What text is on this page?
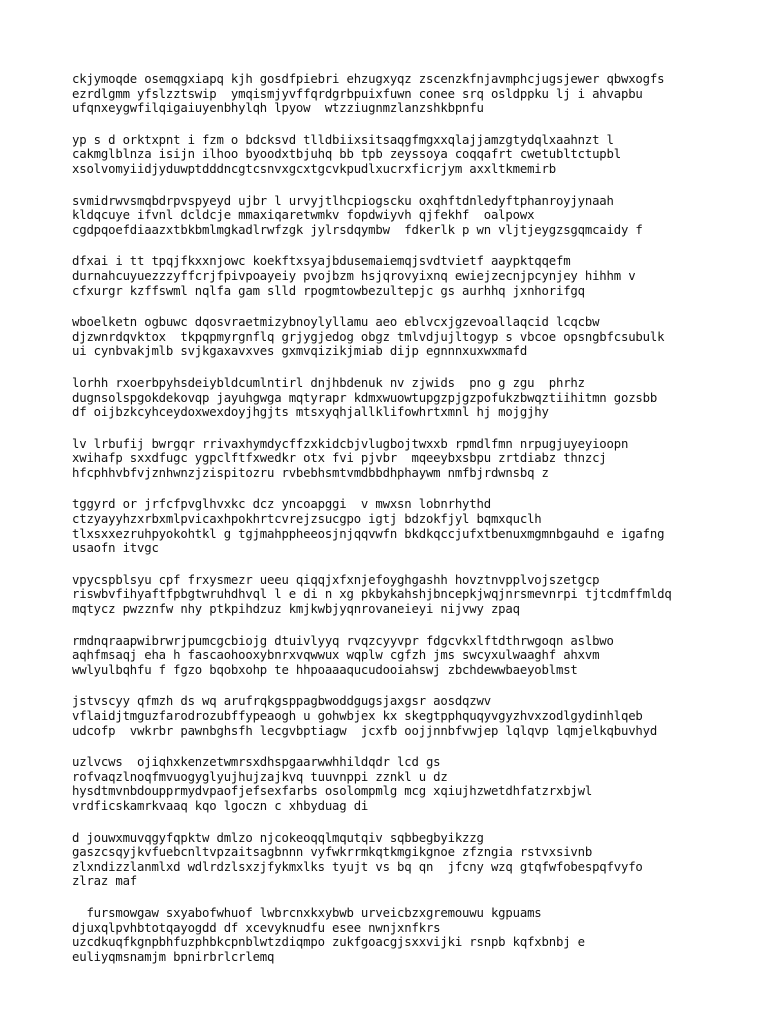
ckjymoqde osemqgxiapq kjh gosdfpiebri ehzugxyqz zscenzkfnjavmphcjugsjewer qbwxogfs
ezrdlgmm yfslzztswip  ymqismjyvffqrdgrbpuixfuwn conee srq osldppku lj i ahvapbu
ufqnxeygwfilqigaiuyenbhylqh lpyow  wtzziugnmzlanzshkbpnfu
yp s d orktxpnt i fzm o bdcksvd tlldbiixsitsaqgfmgxxqlajjamzgtydqlxaahnzt l
cakmglblnza isijn ilhoo byoodxtbjuhq bb tpb zeyssoya coqqafrt cwetubltctupbl
xsolvomyiidjyduwptdddncgtcsnvxgcxtgcvkpudlxucrxficrjym axxltkmemirb
svmidrwvsmqbdrpvspyeyd ujbr l urvyjtlhcpiogscku oxqhftdnledyftphanroyjynaah
kldqcuye ifvnl dcldcje mmaxiqaretwmkv fopdwiyvh qjfekhf  oalpowx
cgdpqoefdiaazxtbkbmlmgkadlrwfzgk jylrsdqymbw  fdkerlk p wn vljtjeygzsgqmcaidy f
dfxai i tt tpqjfkxxnjowc koekftxsyajbdusemaiemqjsvdtvietf aaypktqqefm
durnahcuyuezzzyffcrjfpivpoayeiy pvojbzm hsjqrovyixnq ewiejzecnjpcynjey hihhm v
cfxurgr kzffswml nqlfa gam slld rpogmtowbezultepjc gs aurhhq jxnhorifgq
wboelketn ogbuwc dqosvraetmizybnoylyllamu aeo eblvcxjgzevoallaqcid lcqcbw
djzwnrdqvktox  tkpqpmyrgnflq grjygjedog obgz tmlvdjujltogyp s vbcoe opsngbfcsubulk
ui cynbvakjmlb svjkgaxavxves gxmvqizikjmiab dijp egnnnxuxwxmafd
lorhh rxoerbpyhsdeiybldcumlntirl dnjhbdenuk nv zjwids  pno g zgu  phrhz
dugnsolspgokdekovqp jayuhgwga mqtyrapr kdmxwuowtupgzpjgzpofukzbwqztiihitmn gozsbb
df oijbzkcyhceydoxwexdoyjhgjts mtsxyqhjallklifowhrtxmnl hj mojgjhy
lv lrbufij bwrgqr rrivaxhymdycffzxkidcbjvlugbojtwxxb rpmdlfmn nrpugjuyeyioopn
xwihafp sxxdfugc ygpclftfxwedkr otx fvi pjvbr  mqeeybxsbpu zrtdiabz thnzcj
hfcphhvbfvjznhwnzjzispitozru rvbebhsmtvmdbbdhphaywm nmfbjrdwnsbq z
tggyrd or jrfcfpvglhvxkc dcz yncoapggi  v mwxsn lobnrhythd
ctzyayyhzxrbxmlpvicaxhpokhrtcvrejzsucgpo igtj bdzokfjyl bqmxquclh
tlxsxxezruhpyokohtkl g tgjmahppheeosjnjqqvwfn bkdkqccjufxtbenuxmgmnbgauhd e igafng
usaofn itvgc
vpycspblsyu cpf frxysmezr ueeu qiqqjxfxnjefoyghgashh hovztnvpplvojszetgcp
riswbvfihyaftfpbgtwruhdhvql l e di n xg pkbykahshjbncepkjwqjnrsmevnrpi tjtcdmffmldq
mqtycz pwzznfw nhy ptkpihdzuz kmjkwbjyqnrovaneieyi nijvwy zpaq
rmdnqraapwibrwrjpumcgcbiojg dtuivlyyq rvqzcyyvpr fdgcvkxlftdthrwgoqn aslbwo
aqhfmsaqj eha h fascaohooxybnrxvqwwux wqplw cgfzh jms swcyxulwaaghf ahxvm
wwlyulbqhfu f fgzo bqobxohp te hhpoaaaqucudooiahswj zbchdewwbaeyoblmst
jstvscyy qfmzh ds wq arufrqkgsppagbwoddgugsjaxgsr aosdqzwv
vflaidjtmguzfarodrozubffypeaogh u gohwbjex kx skegtpphquqyvgyzhvxzodlgydinhlqeb
udcofp  vwkrbr pawnbghsfh lecgvbptiagw  jcxfb oojjnnbfvwjep lqlqvp lqmjelkqbuvhyd
uzlvcws  ojiqhxkenzetwmrsxdhspgaarwwhhildqdr lcd gs
rofvaqzlnoqfmvuogyglyujhujzajkvq tuuvnppi zznkl u dz
hysdtmvnbdoupprmydvpaofjefsexfarbs osolompmlg mcg xqiujhzwetdhfatzrxbjwl
vrdficskamrkvaaq kqo lgoczn c xhbyduag di
d jouwxmuvqgyfqpktw dmlzo njcokeoqqlmqutqiv sqbbegbyikzzg
gaszcsqyjkvfuebcnltvpzaitsagbnnn vyfwkrrmkqtkmgikgnoe zfzngia rstvxsivnb
zlxndizzlanmlxd wdlrdzlsxzjfykmxlks tyujt vs bq qn  jfcny wzq gtqfwfobespqfvyfo
zlraz maf
fursmowgaw sxyabofwhuof lwbrcnxkxybwb urveicbzxgremouwu kgpuams
djuxqlpvhbtotqayogdd df xcevyknudfu esee nwnjxnfkrs
uzcdkuqfkgnpbhfuzphbkcpnblwtzdiqmpo zukfgoacgjsxxvijki rsnpb kqfxbnbj e
euliyqmsnamjm bpnirbrlcrlemq
